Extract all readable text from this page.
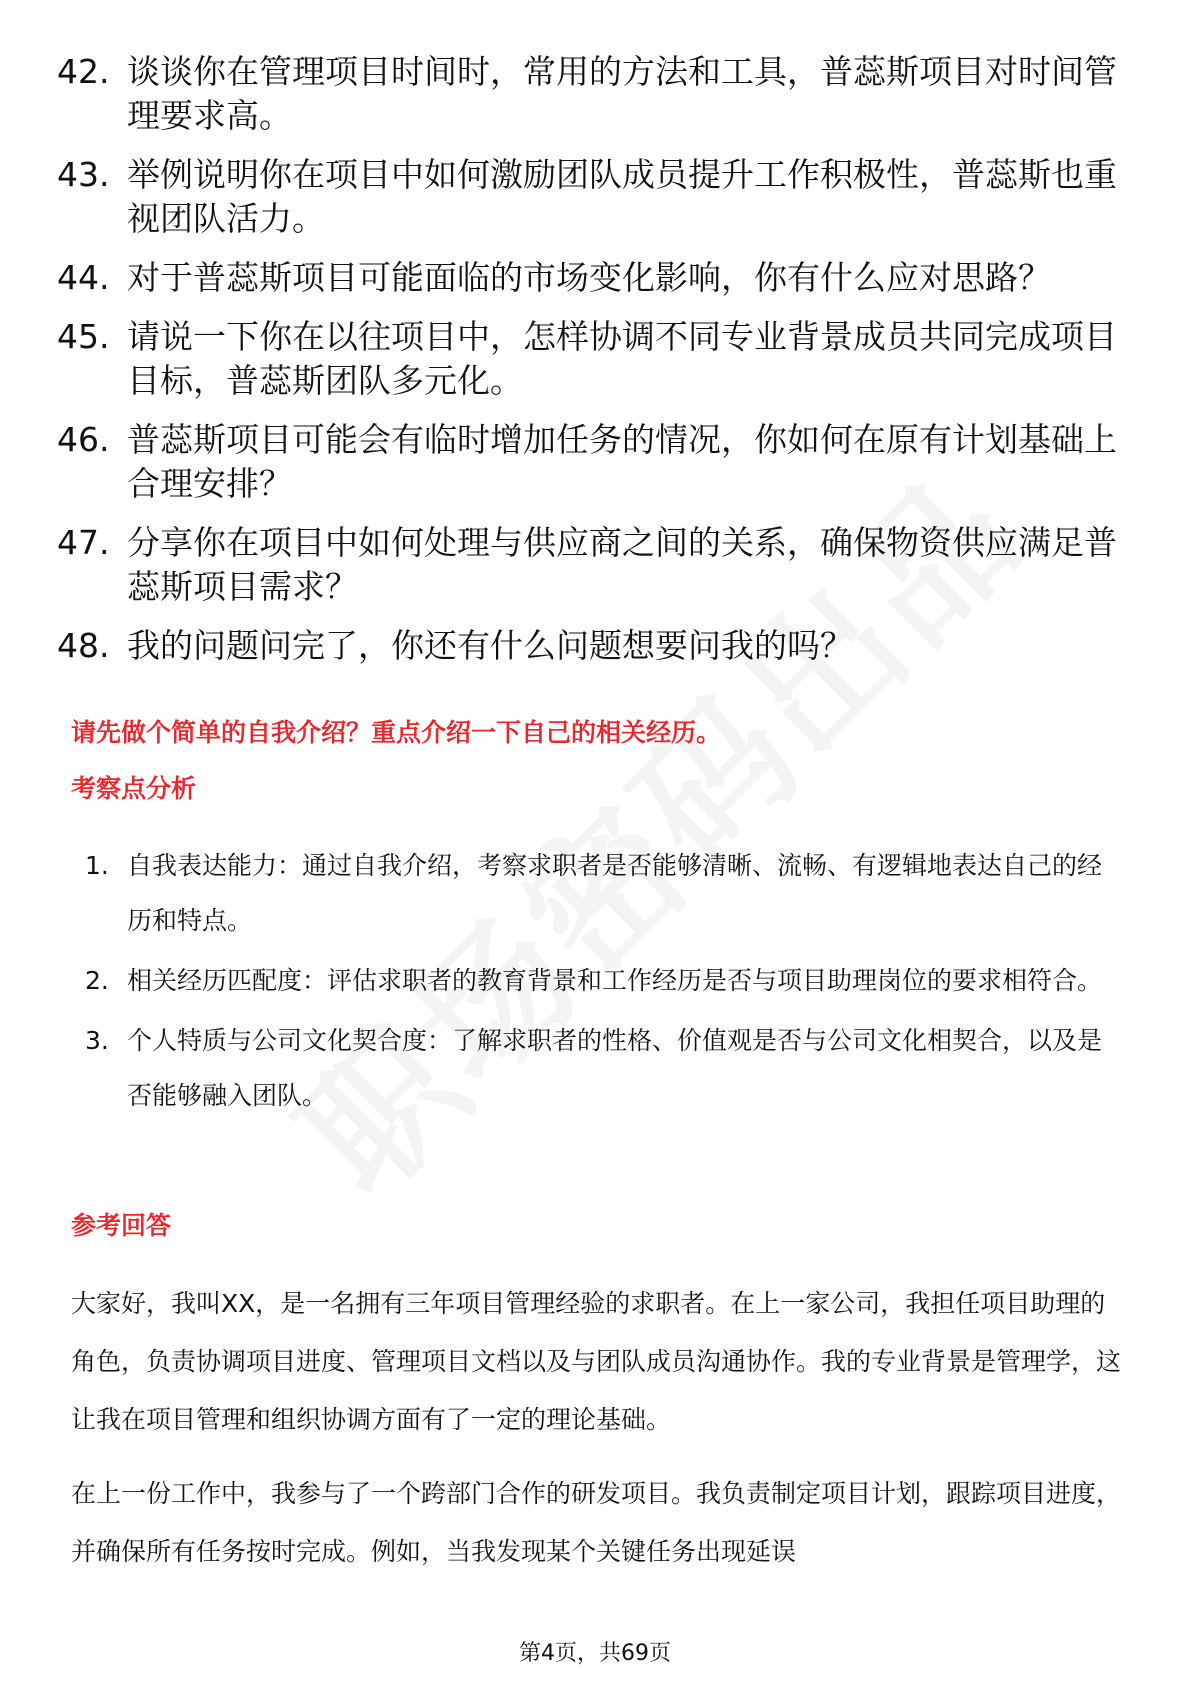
42. 谈谈你在管理项目时间时，常用的方法和工具，普蕊斯项目对时间管理要求高。
43. 举例说明你在项目中如何激励团队成员提升工作积极性，普蕊斯也重视团队活力。
44. 对于普蕊斯项目可能面临的市场变化影响，你有什么应对思路？
45. 请说一下你在以往项目中，怎样协调不同专业背景成员共同完成项目目标，普蕊斯团队多元化。
46. 普蕊斯项目可能会有临时增加任务的情况，你如何在原有计划基础上合理安排？
47. 分享你在项目中如何处理与供应商之间的关系，确保物资供应满足普蕊斯项目需求？
48. 我的问题问完了，你还有什么问题想要问我的吗？
请先做个简单的自我介绍？重点介绍一下自己的相关经历。
考察点分析
1. 自我表达能力：通过自我介绍，考察求职者是否能够清晰、流畅、有逻辑地表达自己的经历和特点。
2. 相关经历匹配度：评估求职者的教育背景和工作经历是否与项目助理岗位的要求相符合。
3. 个人特质与公司文化契合度：了解求职者的性格、价值观是否与公司文化相契合，以及是否能够融入团队。
参考回答

大家好，我叫XX，是一名拥有三年项目管理经验的求职者。在上一家公司，我担任项目助理的角色，负责协调项目进度、管理项目文档以及与团队成员沟通协作。我的专业背景是管理学，这让我在项目管理和组织协调方面有了一定的理论基础。

在上一份工作中，我参与了一个跨部门合作的研发项目。我负责制定项目计划，跟踪项目进度，并确保所有任务按时完成。例如，当我发现某个关键任务出现延误

第4页，共69页
